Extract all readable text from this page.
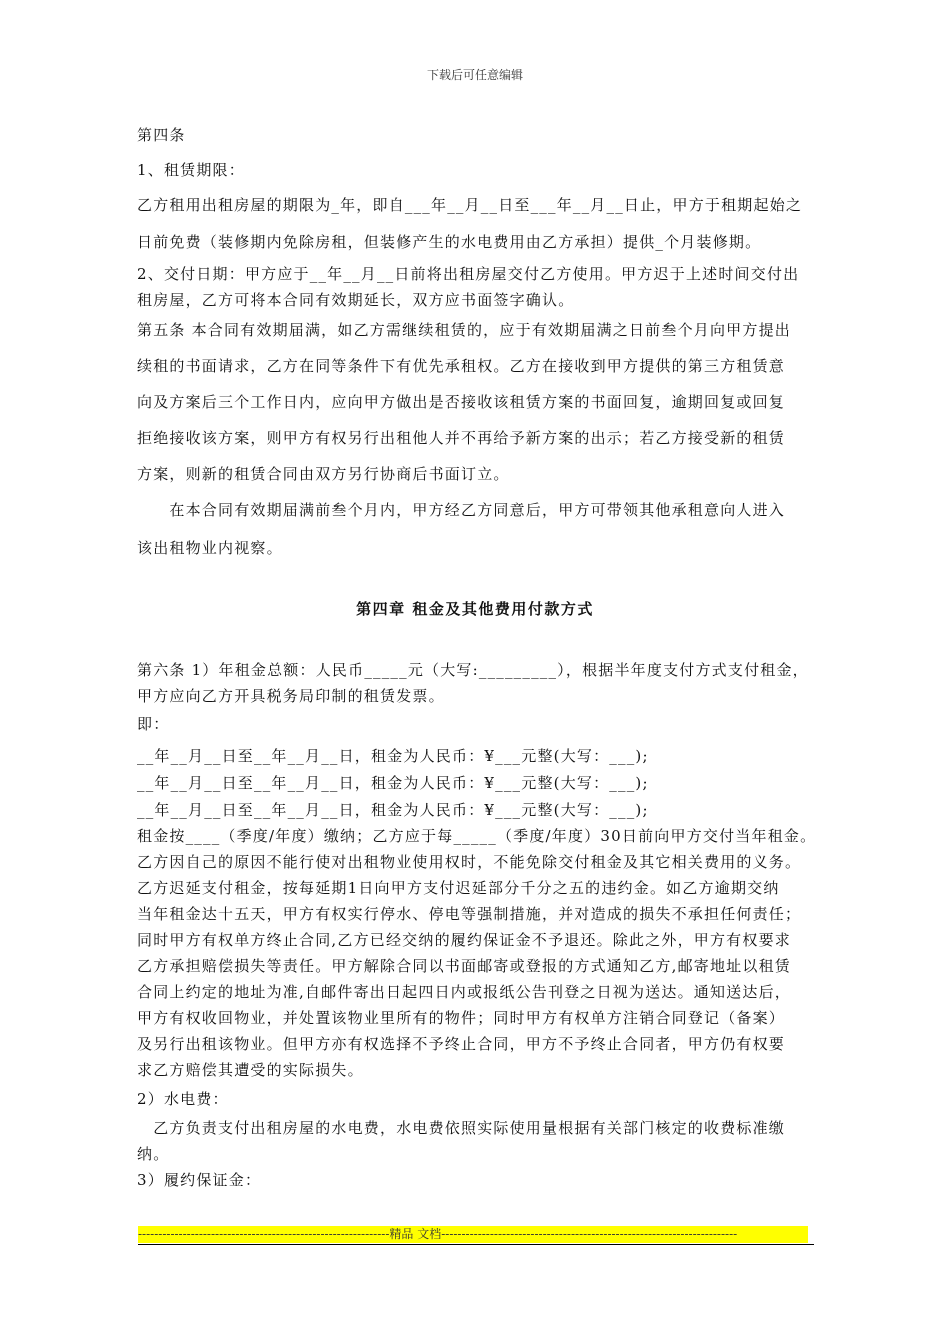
下载后可任意编辑
第四条
1、租赁期限：
乙方租用出租房屋的期限为_年，即自___年__月__日至___年__月__日止，甲方于租期起始之
日前免费（装修期内免除房租，但装修产生的水电费用由乙方承担）提供_个月装修期。
2、交付日期：甲方应于__年__月__日前将出租房屋交付乙方使用。甲方迟于上述时间交付出
租房屋，乙方可将本合同有效期延长，双方应书面签字确认。
第五条 本合同有效期届满，如乙方需继续租赁的，应于有效期届满之日前叁个月向甲方提出
续租的书面请求，乙方在同等条件下有优先承租权。乙方在接收到甲方提供的第三方租赁意
向及方案后三个工作日内，应向甲方做出是否接收该租赁方案的书面回复，逾期回复或回复
拒绝接收该方案，则甲方有权另行出租他人并不再给予新方案的出示；若乙方接受新的租赁
方案，则新的租赁合同由双方另行协商后书面订立。
　　在本合同有效期届满前叁个月内，甲方经乙方同意后，甲方可带领其他承租意向人进入
该出租物业内视察。
第四章 租金及其他费用付款方式
第六条 1）年租金总额：人民币_____元（大写:_________），根据半年度支付方式支付租金，
甲方应向乙方开具税务局印制的租赁发票。
即：
__年__月__日至__年__月__日，租金为人民币：¥___元整(大写：___);
__年__月__日至__年__月__日，租金为人民币：¥___元整(大写：___);
__年__月__日至__年__月__日，租金为人民币：¥___元整(大写：___);
租金按____（季度/年度）缴纳；乙方应于每_____（季度/年度）30日前向甲方交付当年租金。
乙方因自己的原因不能行使对出租物业使用权时，不能免除交付租金及其它相关费用的义务。
乙方迟延支付租金，按每延期1日向甲方支付迟延部分千分之五的违约金。如乙方逾期交纳
当年租金达十五天，甲方有权实行停水、停电等强制措施，并对造成的损失不承担任何责任；
同时甲方有权单方终止合同,乙方已经交纳的履约保证金不予退还。除此之外，甲方有权要求
乙方承担赔偿损失等责任。甲方解除合同以书面邮寄或登报的方式通知乙方,邮寄地址以租赁
合同上约定的地址为准,自邮件寄出日起四日内或报纸公告刊登之日视为送达。通知送达后，
甲方有权收回物业，并处置该物业里所有的物件；同时甲方有权单方注销合同登记（备案）
及另行出租该物业。但甲方亦有权选择不予终止合同，甲方不予终止合同者，甲方仍有权要
求乙方赔偿其遭受的实际损失。
2）水电费：
　乙方负责支付出租房屋的水电费，水电费依照实际使用量根据有关部门核定的收费标准缴
纳。
3）履约保证金：
--------------------------------------------------------------精品 文档-------------------------------------------------------------------------
